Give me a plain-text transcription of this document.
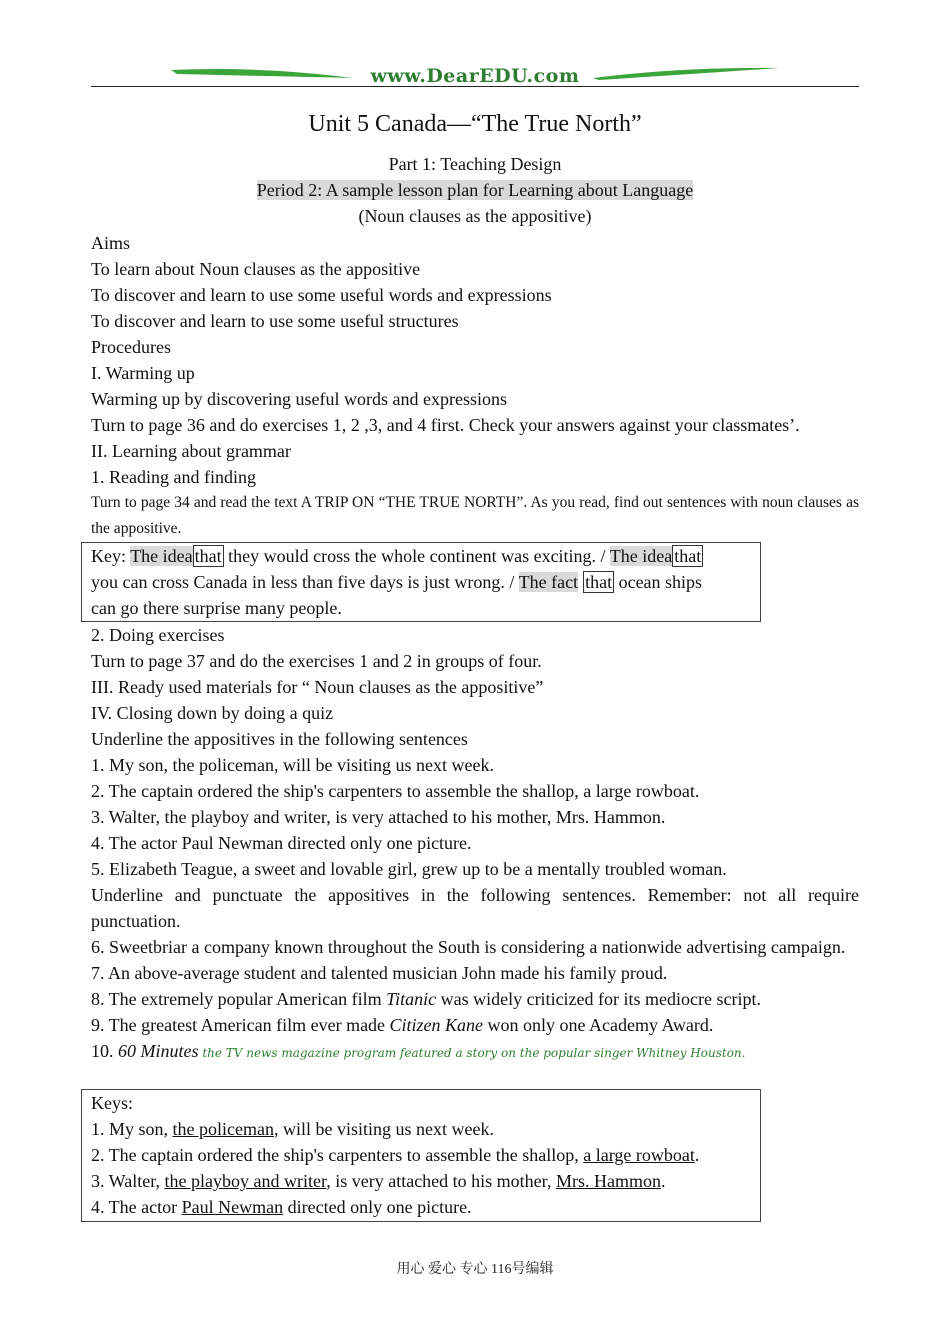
www.DearEDU.com
Unit 5 Canada—“The True North”
Part 1: Teaching Design
Period 2: A sample lesson plan for Learning about Language
(Noun clauses as the appositive)
Aims
To learn about Noun clauses as the appositive
To discover and learn to use some useful words and expressions
To discover and learn to use some useful structures
Procedures
I. Warming up
Warming up by discovering useful words and expressions
Turn to page 36 and do exercises 1, 2 ,3, and 4 first. Check your answers against your classmates’.
II. Learning about grammar
1. Reading and finding
Turn to page 34 and read the text A TRIP ON “THE TRUE NORTH”. As you read, find out sentences with noun clauses as the appositive.
Key: The idea that they would cross the whole continent was exciting. / The idea that
you can cross Canada in less than five days is just wrong. / The fact that ocean ships
can go there surprise many people.
2. Doing exercises
Turn to page 37 and do the exercises 1 and 2 in groups of four.
III. Ready used materials for “ Noun clauses as the appositive”
IV. Closing down by doing a quiz
Underline the appositives in the following sentences
1. My son, the policeman, will be visiting us next week.
2. The captain ordered the ship's carpenters to assemble the shallop, a large rowboat.
3. Walter, the playboy and writer, is very attached to his mother, Mrs. Hammon.
4. The actor Paul Newman directed only one picture.
5. Elizabeth Teague, a sweet and lovable girl, grew up to be a mentally troubled woman.
Underline and punctuate the appositives in the following sentences. Remember: not all require punctuation.
6. Sweetbriar a company known throughout the South is considering a nationwide advertising campaign.
7. An above-average student and talented musician John made his family proud.
8. The extremely popular American film Titanic was widely criticized for its mediocre script.
9. The greatest American film ever made Citizen Kane won only one Academy Award.
10. 60 Minutes the TV news magazine program featured a story on the popular singer Whitney Houston.
Keys:
1. My son, the policeman, will be visiting us next week.
2. The captain ordered the ship's carpenters to assemble the shallop, a large rowboat.
3. Walter, the playboy and writer, is very attached to his mother, Mrs. Hammon.
4. The actor Paul Newman directed only one picture.
用心 爱心 专心 116号编辑
